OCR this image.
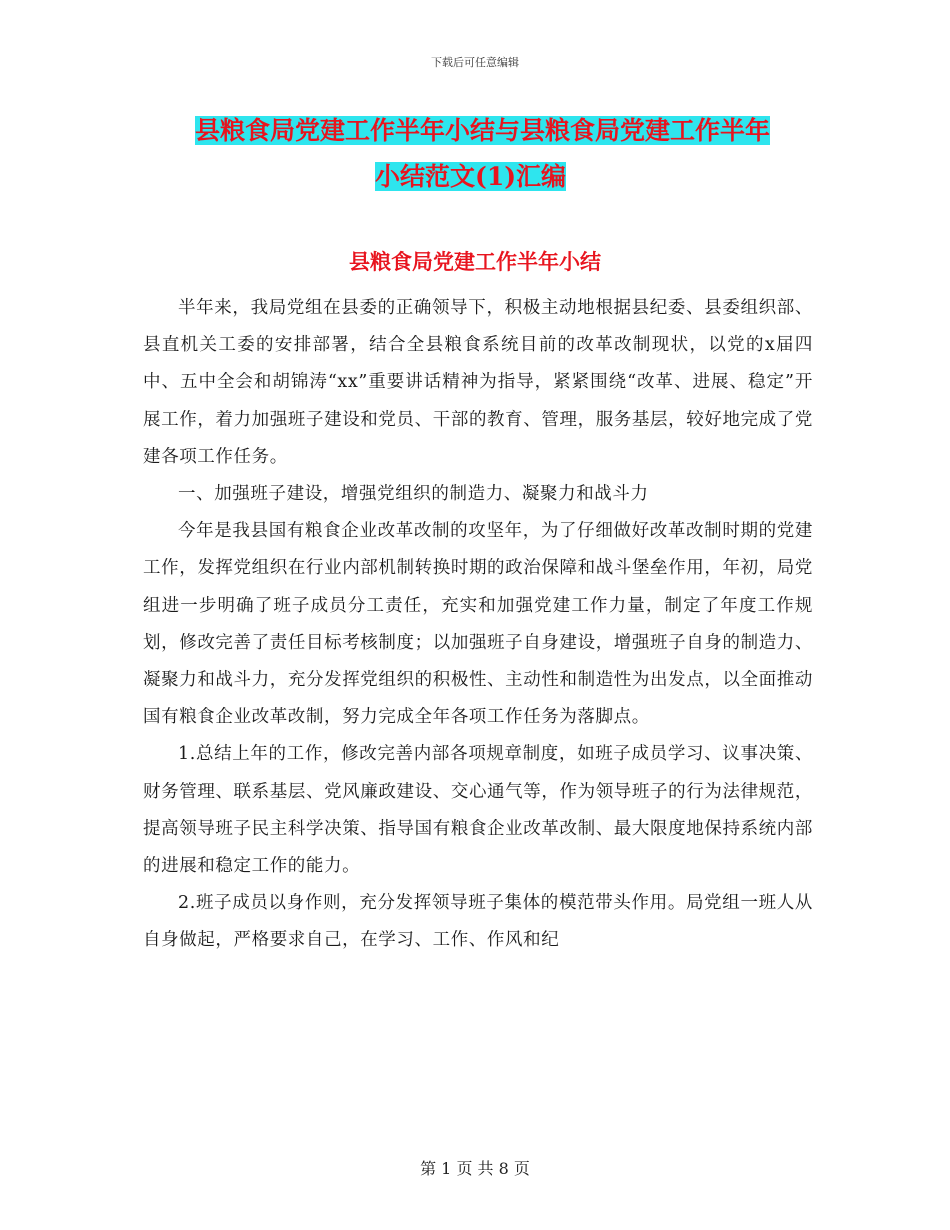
下载后可任意编辑
县粮食局党建工作半年小结与县粮食局党建工作半年
小结范文(1)汇编
县粮食局党建工作半年小结

半年来，我局党组在县委的正确领导下，积极主动地根据县纪委、县委组织部、县直机关工委的安排部署，结合全县粮食系统目前的改革改制现状，以党的x届四中、五中全会和胡锦涛“xx”重要讲话精神为指导，紧紧围绕“改革、进展、稳定”开展工作，着力加强班子建设和党员、干部的教育、管理，服务基层，较好地完成了党建各项工作任务。

一、加强班子建设，增强党组织的制造力、凝聚力和战斗力

今年是我县国有粮食企业改革改制的攻坚年，为了仔细做好改革改制时期的党建工作，发挥党组织在行业内部机制转换时期的政治保障和战斗堡垒作用，年初，局党组进一步明确了班子成员分工责任，充实和加强党建工作力量，制定了年度工作规划，修改完善了责任目标考核制度；以加强班子自身建设，增强班子自身的制造力、凝聚力和战斗力，充分发挥党组织的积极性、主动性和制造性为出发点，以全面推动国有粮食企业改革改制，努力完成全年各项工作任务为落脚点。

1.总结上年的工作，修改完善内部各项规章制度，如班子成员学习、议事决策、财务管理、联系基层、党风廉政建设、交心通气等，作为领导班子的行为法律规范，提高领导班子民主科学决策、指导国有粮食企业改革改制、最大限度地保持系统内部的进展和稳定工作的能力。

2.班子成员以身作则，充分发挥领导班子集体的模范带头作用。局党组一班人从自身做起，严格要求自己，在学习、工作、作风和纪

第 1 页 共 8 页
